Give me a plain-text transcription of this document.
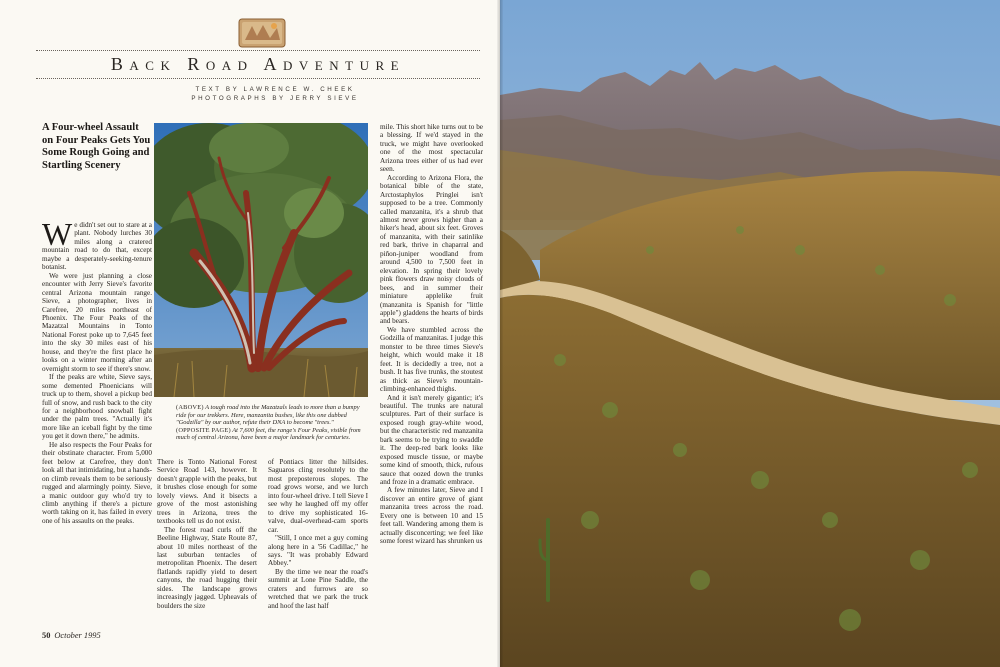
Back Road Adventure
TEXT BY LAWRENCE W. CHEEK
PHOTOGRAPHS BY JERRY SIEVE
A Four-wheel Assault on Four Peaks Gets You Some Rough Going and Startling Scenery

We didn't set out to stare at a plant. Nobody lurches 30 miles along a cratered mountain road to do that, except maybe a desperately-seeking-tenure botanist.

We were just planning a close encounter with Jerry Sieve's favorite central Arizona mountain range. Sieve, a photographer, lives in Carefree, 20 miles northeast of Phoenix. The Four Peaks of the Mazatzal Mountains in Tonto National Forest poke up to 7,645 feet into the sky 30 miles east of his house, and they're the first place he looks on a winter morning after an overnight storm to see if there's snow.

If the peaks are white, Sieve says, some demented Phoenicians will truck up to them, shovel a pickup bed full of snow, and rush back to the city for a neighborhood snowball fight under the palm trees. "Actually it's more like an iceball fight by the time you get it down there," he admits.

He also respects the Four Peaks for their obstinate character. From 5,000 feet below at Carefree, they don't look all that intimidating, but a hands-on climb reveals them to be seriously rugged and alarmingly pointy. Sieve, a manic outdoor guy who'd try to climb anything if there's a picture worth taking on it, has failed in every one of his assaults on the peaks.

(ABOVE) A tough road into the Mazatzals leads to more than a bumpy ride for our trekkers. Here, manzanita bushes, like this one dubbed "Godzilla" by our author, refute their DNA to become "trees." (OPPOSITE PAGE) At 7,600 feet, the range's Four Peaks, visible from much of central Arizona, have been a major landmark for centuries.

There is Tonto National Forest Service Road 143, however. It doesn't grapple with the peaks, but it brushes close enough for some lovely views. And it bisects a grove of the most astonishing trees in Arizona, trees the textbooks tell us do not exist.

The forest road curls off the Beeline Highway, State Route 87, about 10 miles northeast of the last suburban tentacles of metropolitan Phoenix. The desert flatlands rapidly yield to desert canyons, the road hugging their sides. The landscape grows increasingly jagged. Upheavals of boulders the size

of Pontiacs litter the hillsides. Saguaros cling resolutely to the most preposterous slopes. The road grows worse, and we lurch into four-wheel drive. I tell Sieve I see why he laughed off my offer to drive my sophisticated 16-valve, dual-overhead-cam sports car.

"Still, I once met a guy coming along here in a '56 Cadillac," he says. "It was probably Edward Abbey."

By the time we near the road's summit at Lone Pine Saddle, the craters and furrows are so wretched that we park the truck and hoof the last half

mile. This short hike turns out to be a blessing. If we'd stayed in the truck, we might have overlooked one of the most spectacular Arizona trees either of us had ever seen.

According to Arizona Flora, the botanical bible of the state, Arctostaphylos Pringlei isn't supposed to be a tree. Commonly called manzanita, it's a shrub that almost never grows higher than a hiker's head, about six feet. Groves of manzanita, with their satinlike red bark, thrive in chaparral and piñon-juniper woodland from around 4,500 to 7,500 feet in elevation. In spring their lovely pink flowers draw noisy clouds of bees, and in summer their miniature applelike fruit (manzanita is Spanish for "little apple") gladdens the hearts of birds and bears.

We have stumbled across the Godzilla of manzanitas. I judge this monster to be three times Sieve's height, which would make it 18 feet. It is decidedly a tree, not a bush. It has five trunks, the stoutest as thick as Sieve's mountain-climbing-enhanced thighs.

And it isn't merely gigantic; it's beautiful. The trunks are natural sculptures. Part of their surface is exposed rough gray-white wood, but the characteristic red manzanita bark seems to be trying to swaddle it. The deep-red bark looks like exposed muscle tissue, or maybe some kind of smooth, thick, rufous sauce that oozed down the trunks and froze in a dramatic embrace.

A few minutes later, Sieve and I discover an entire grove of giant manzanita trees across the road. Every one is between 10 and 15 feet tall. Wandering among them is actually disconcerting; we feel like some forest wizard has shrunken us

50 October 1995
